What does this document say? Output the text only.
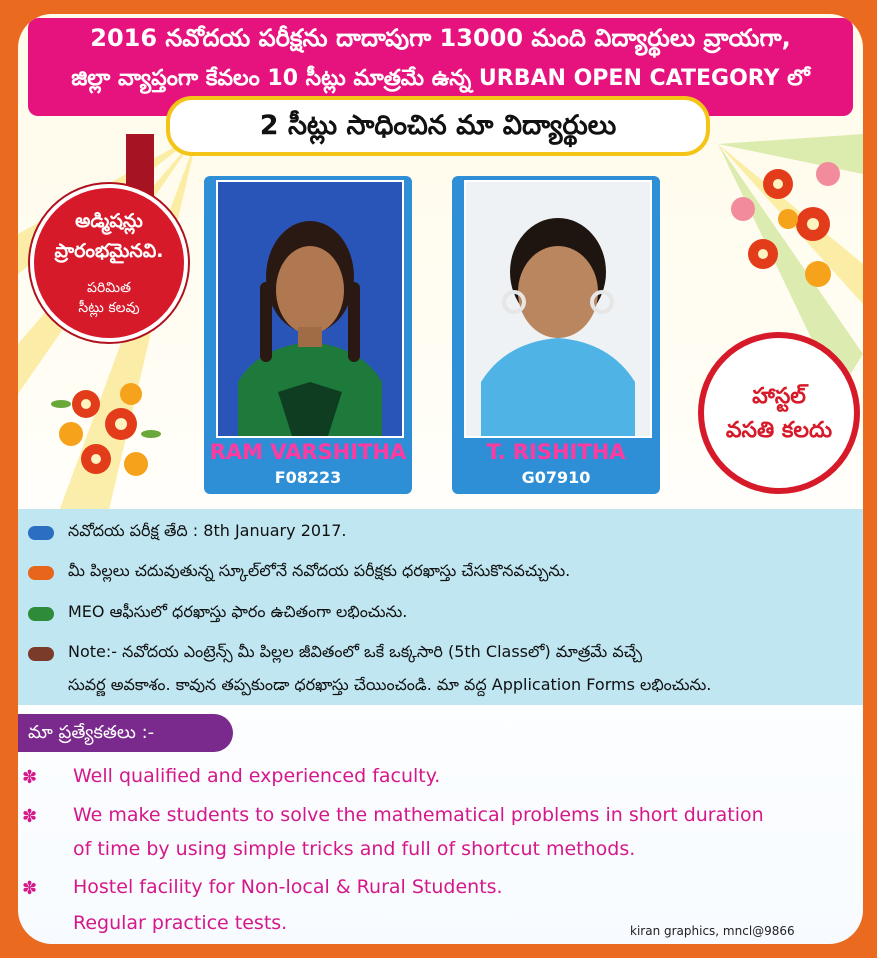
2016 నవోదయ పరీక్షను దాదాపుగా 13000 మంది విద్యార్థులు వ్రాయగా,
జిల్లా వ్యాప్తంగా కేవలం 10 సీట్లు మాత్రమే ఉన్న URBAN OPEN CATEGORY లో
2 సీట్లు సాధించిన మా విద్యార్థులు
అడ్మిషన్లు
ప్రారంభమైనవి.
పరిమిత
సీట్లు కలవు
RAM VARSHITHA
F08223
T. RISHITHA
G07910
హాస్టల్
వసతి కలదు
నవోదయ పరీక్ష తేది : 8th January 2017.
మీ పిల్లలు చదువుతున్న స్కూల్‌లోనే నవోదయ పరీక్షకు ధరఖాస్తు చేసుకొనవచ్చును.
MEO ఆఫీసులో ధరఖాస్తు ఫారం ఉచితంగా లభించును.
Note:- నవోదయ ఎంట్రెన్స్ మీ పిల్లల జీవితంలో ఒకే ఒక్కసారి (5th Classలో) మాత్రమే వచ్చే
సువర్ణ అవకాశం. కావున తప్పకుండా ధరఖాస్తు చేయించండి. మా వద్ద Application Forms లభించును.
మా ప్రత్యేకతలు :-
✽ Well qualified and experienced faculty.
✽ We make students to solve the mathematical problems in short duration
of time by using simple tricks and full of shortcut methods.
✽ Hostel facility for Non-local & Rural Students.
Regular practice tests.	kiran graphics, mncl@9866
